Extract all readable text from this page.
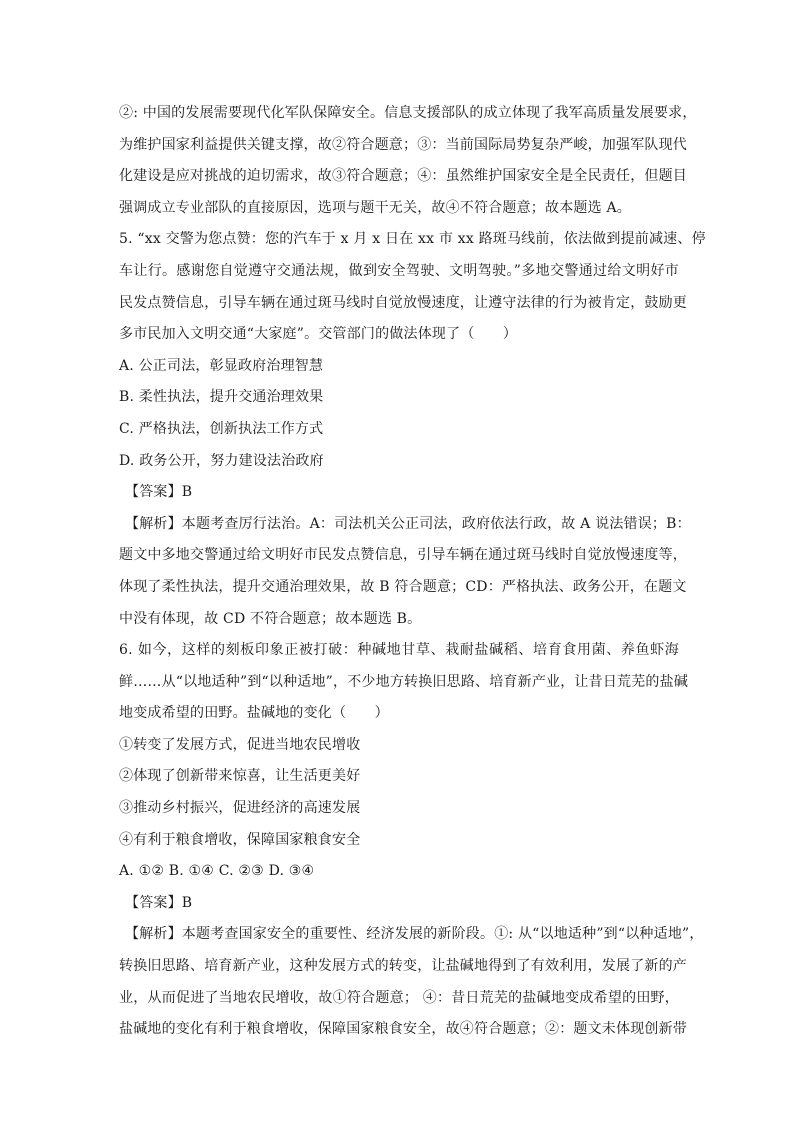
②: 中国的发展需要现代化军队保障安全。信息支援部队的成立体现了我军高质量发展要求，
为维护国家利益提供关键支撑，故②符合题意；③：当前国际局势复杂严峻，加强军队现代
化建设是应对挑战的迫切需求，故③符合题意；④：虽然维护国家安全是全民责任，但题目
强调成立专业部队的直接原因，选项与题干无关，故④不符合题意；故本题选 A。
5. “xx 交警为您点赞：您的汽车于 x 月 x 日在 xx 市 xx 路斑马线前，依法做到提前减速、停
车让行。感谢您自觉遵守交通法规，做到安全驾驶、文明驾驶。”多地交警通过给文明好市
民发点赞信息，引导车辆在通过斑马线时自觉放慢速度，让遵守法律的行为被肯定，鼓励更
多市民加入文明交通“大家庭”。交管部门的做法体现了（　　）
A. 公正司法，彰显政府治理智慧
B. 柔性执法，提升交通治理效果
C. 严格执法，创新执法工作方式
D. 政务公开，努力建设法治政府
【答案】B
【解析】本题考查厉行法治。A：司法机关公正司法，政府依法行政，故 A 说法错误；B：
题文中多地交警通过给文明好市民发点赞信息，引导车辆在通过斑马线时自觉放慢速度等，
体现了柔性执法，提升交通治理效果，故 B 符合题意；CD：严格执法、政务公开，在题文
中没有体现，故 CD 不符合题意；故本题选 B。
6. 如今，这样的刻板印象正被打破：种碱地甘草、栽耐盐碱稻、培育食用菌、养鱼虾海
鲜……从“以地适种”到“以种适地”，不少地方转换旧思路、培育新产业，让昔日荒芜的盐碱
地变成希望的田野。盐碱地的变化（　　）
①转变了发展方式，促进当地农民增收
②体现了创新带来惊喜，让生活更美好
③推动乡村振兴，促进经济的高速发展
④有利于粮食增收，保障国家粮食安全
A. ①② B. ①④ C. ②③ D. ③④
【答案】B
【解析】本题考查国家安全的重要性、经济发展的新阶段。①: 从“以地适种”到“以种适地”，
转换旧思路、培育新产业，这种发展方式的转变，让盐碱地得到了有效利用，发展了新的产
业，从而促进了当地农民增收，故①符合题意； ④：昔日荒芜的盐碱地变成希望的田野，
盐碱地的变化有利于粮食增收，保障国家粮食安全，故④符合题意；②：题文未体现创新带
